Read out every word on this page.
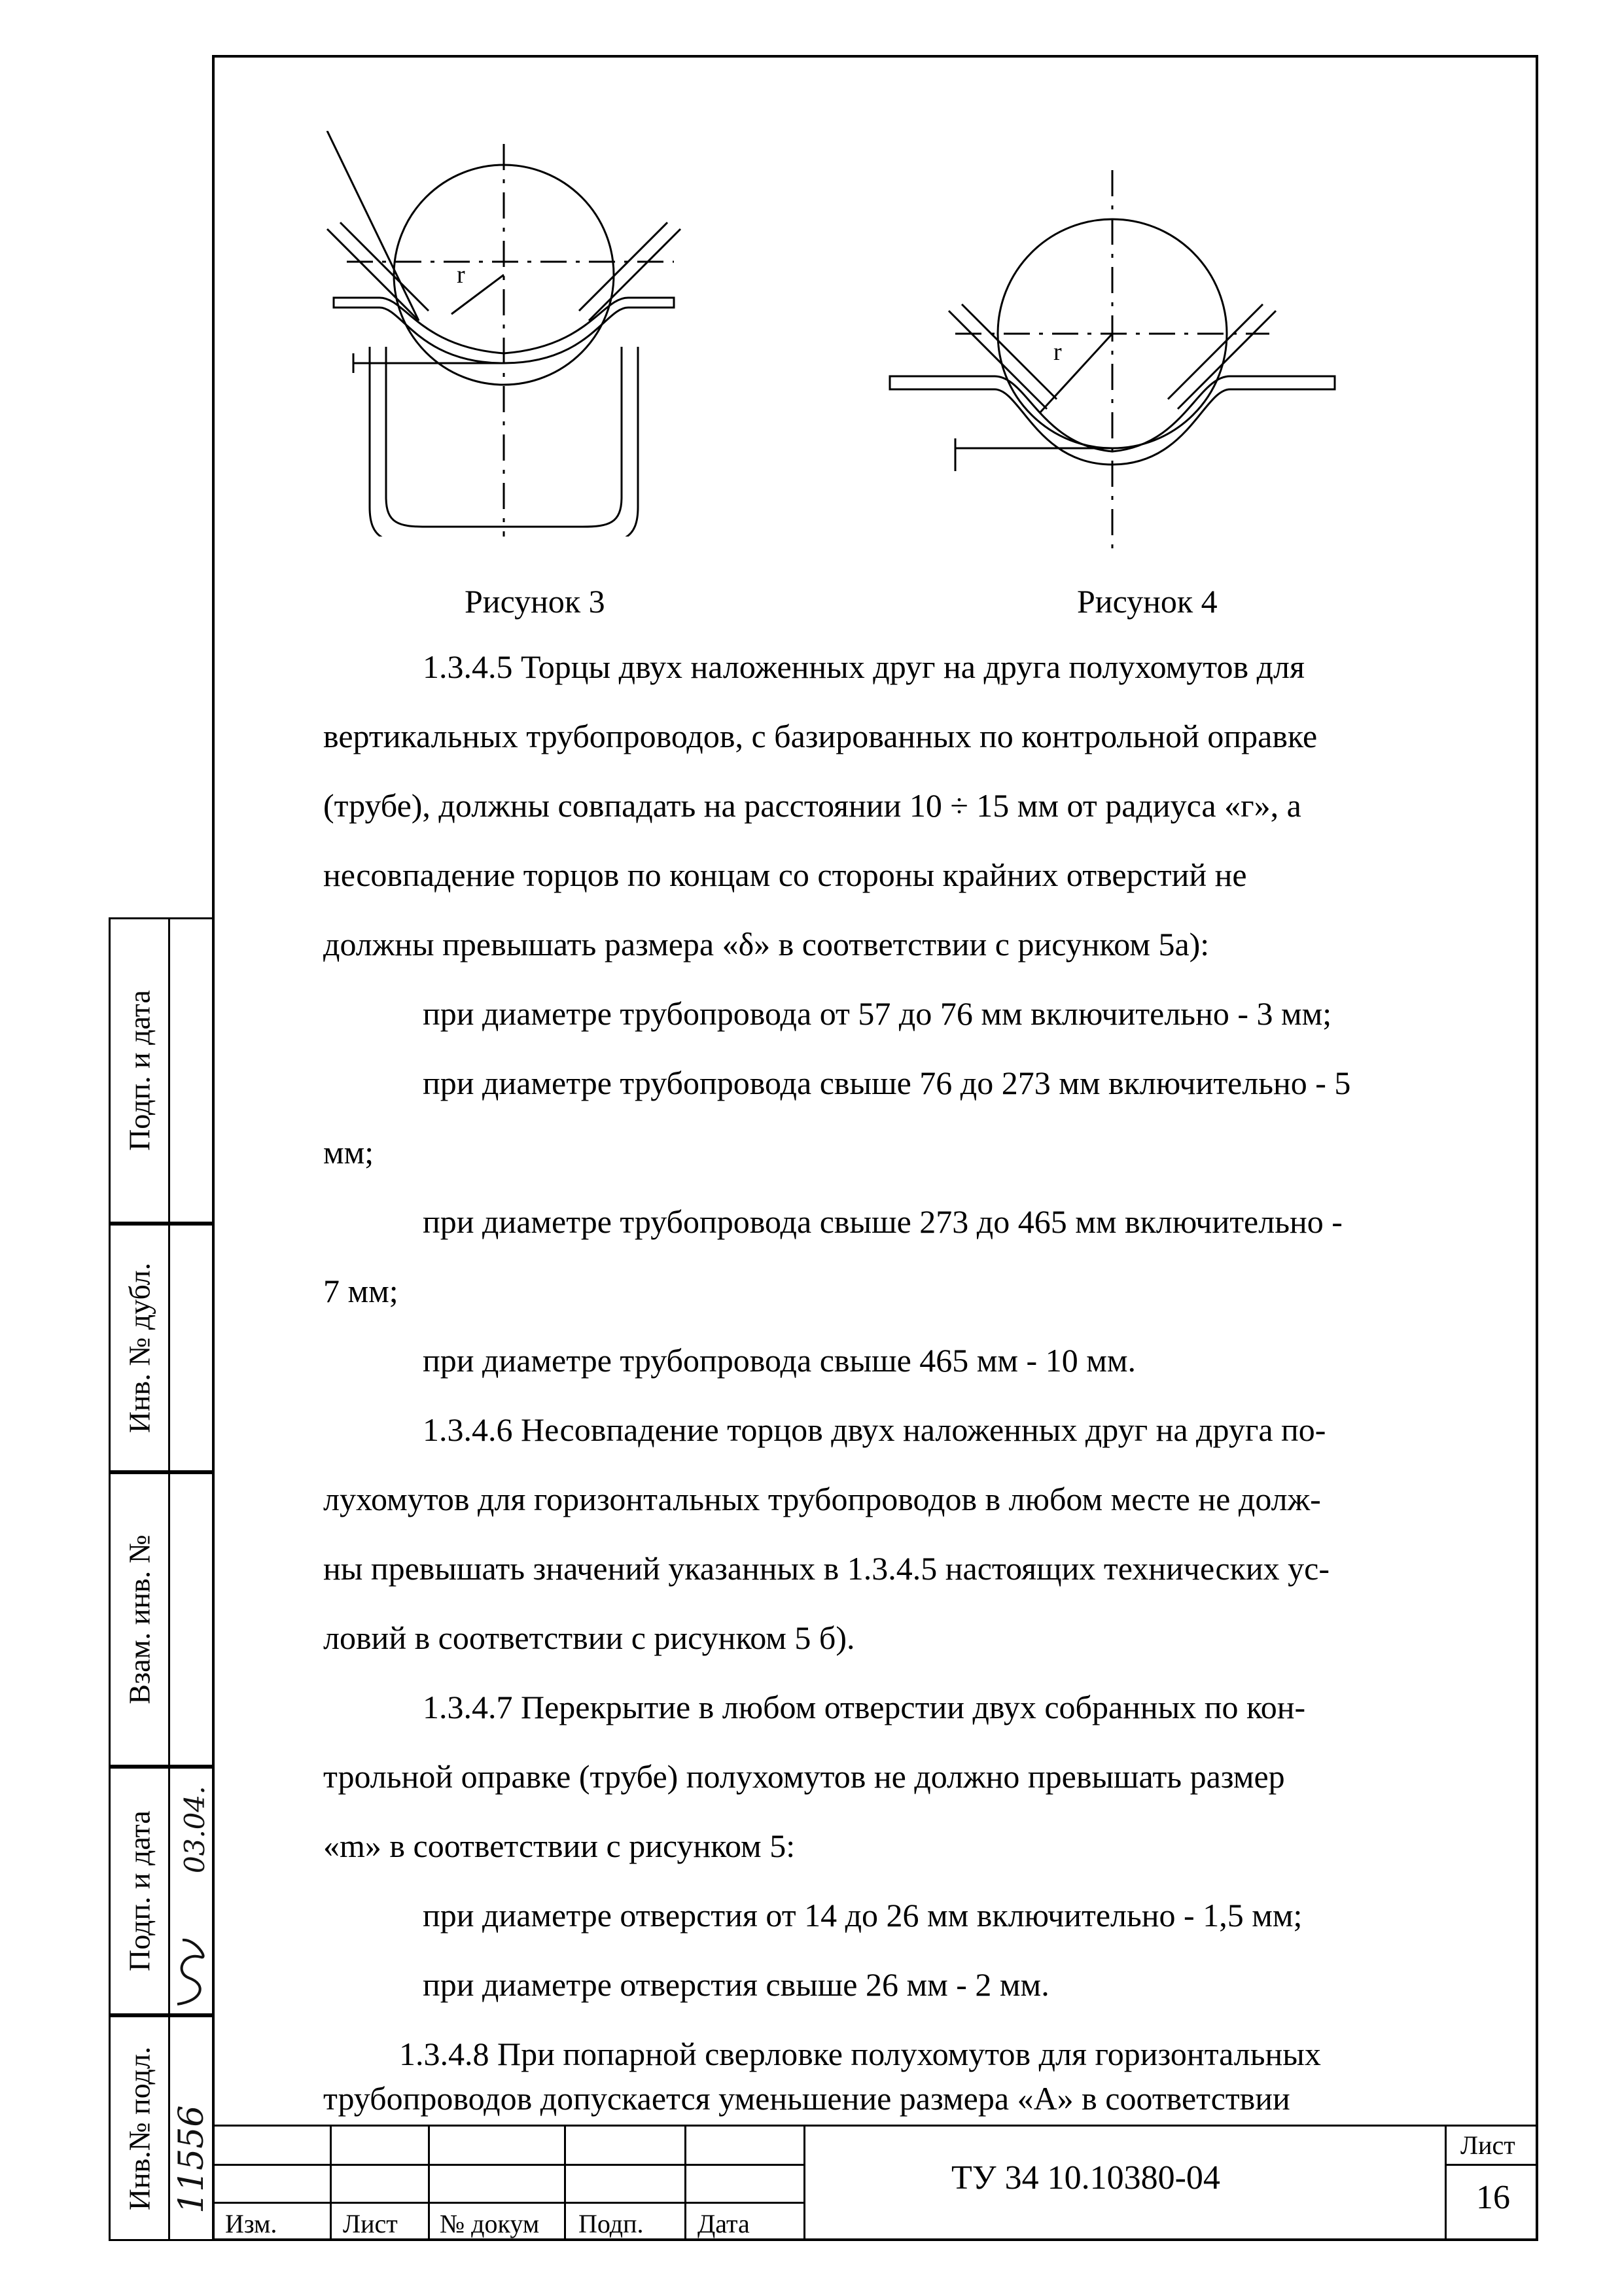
Подп. и дата
Инв. № дубл.
Взам. инв. №
Подп. и дата 03.04.
Инв.№ подл. 11556
r
r
Рисунок 3	Рисунок 4
1.3.4.5 Торцы двух наложенных друг на друга полухомутов для
вертикальных трубопроводов, с базированных по контрольной оправке
(трубе), должны совпадать на расстоянии 10 ÷ 15 мм от радиуса «г», а
несовпадение торцов по концам со стороны крайних отверстий не
должны превышать размера «δ» в соответствии с рисунком 5а):
при диаметре трубопровода от 57 до 76 мм включительно - 3 мм;
при диаметре трубопровода свыше 76 до 273 мм включительно - 5
мм;
при диаметре трубопровода свыше 273 до 465 мм включительно -
7 мм;
при диаметре трубопровода свыше 465 мм - 10 мм.
1.3.4.6 Несовпадение торцов двух наложенных друг на друга по-
лухомутов для горизонтальных трубопроводов в любом месте не долж-
ны превышать значений указанных в 1.3.4.5 настоящих технических ус-
ловий в соответствии с рисунком 5 б).
1.3.4.7 Перекрытие в любом отверстии двух собранных по кон-
трольной оправке (трубе) полухомутов не должно превышать размер
«m» в соответствии с рисунком 5:
при диаметре отверстия от 14 до 26 мм включительно - 1,5 мм;
при диаметре отверстия свыше 26 мм - 2 мм.
1.3.4.8 При попарной сверловке полухомутов для горизонтальных
трубопроводов допускается уменьшение размера «А» в соответствии
Изм.	Лист № докум Подп. Дата
ТУ 34 10.10380-04
Лист
16
